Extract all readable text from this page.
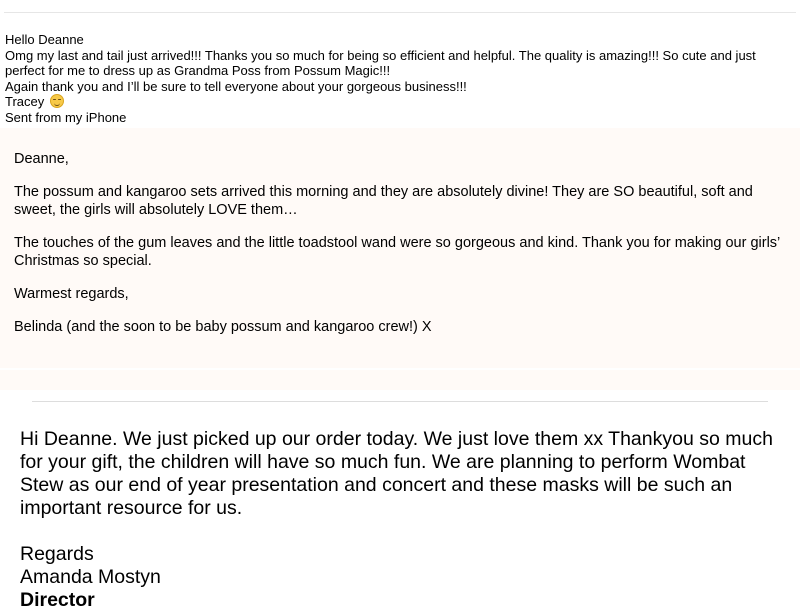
Hello Deanne

Omg my last and tail just arrived!!! Thanks you so much for being so efficient and helpful. The quality is amazing!!! So cute and just perfect for me to dress up as Grandma Poss from Possum Magic!!!

Again thank you and I’ll be sure to tell everyone about your gorgeous business!!!

Tracey

Sent from my iPhone

Deanne,

The possum and kangaroo sets arrived this morning and they are absolutely divine! They are SO beautiful, soft and sweet, the girls will absolutely LOVE them…

The touches of the gum leaves and the little toadstool wand were so gorgeous and kind. Thank you for making our girls’ Christmas so special.

Warmest regards,

Belinda (and the soon to be baby possum and kangaroo crew!) X

Hi Deanne. We just picked up our order today. We just love them xx Thankyou so much for your gift, the children will have so much fun. We are planning to perform Wombat Stew as our end of year presentation and concert and these masks will be such an important resource for us.

Regards

Amanda Mostyn

Director
